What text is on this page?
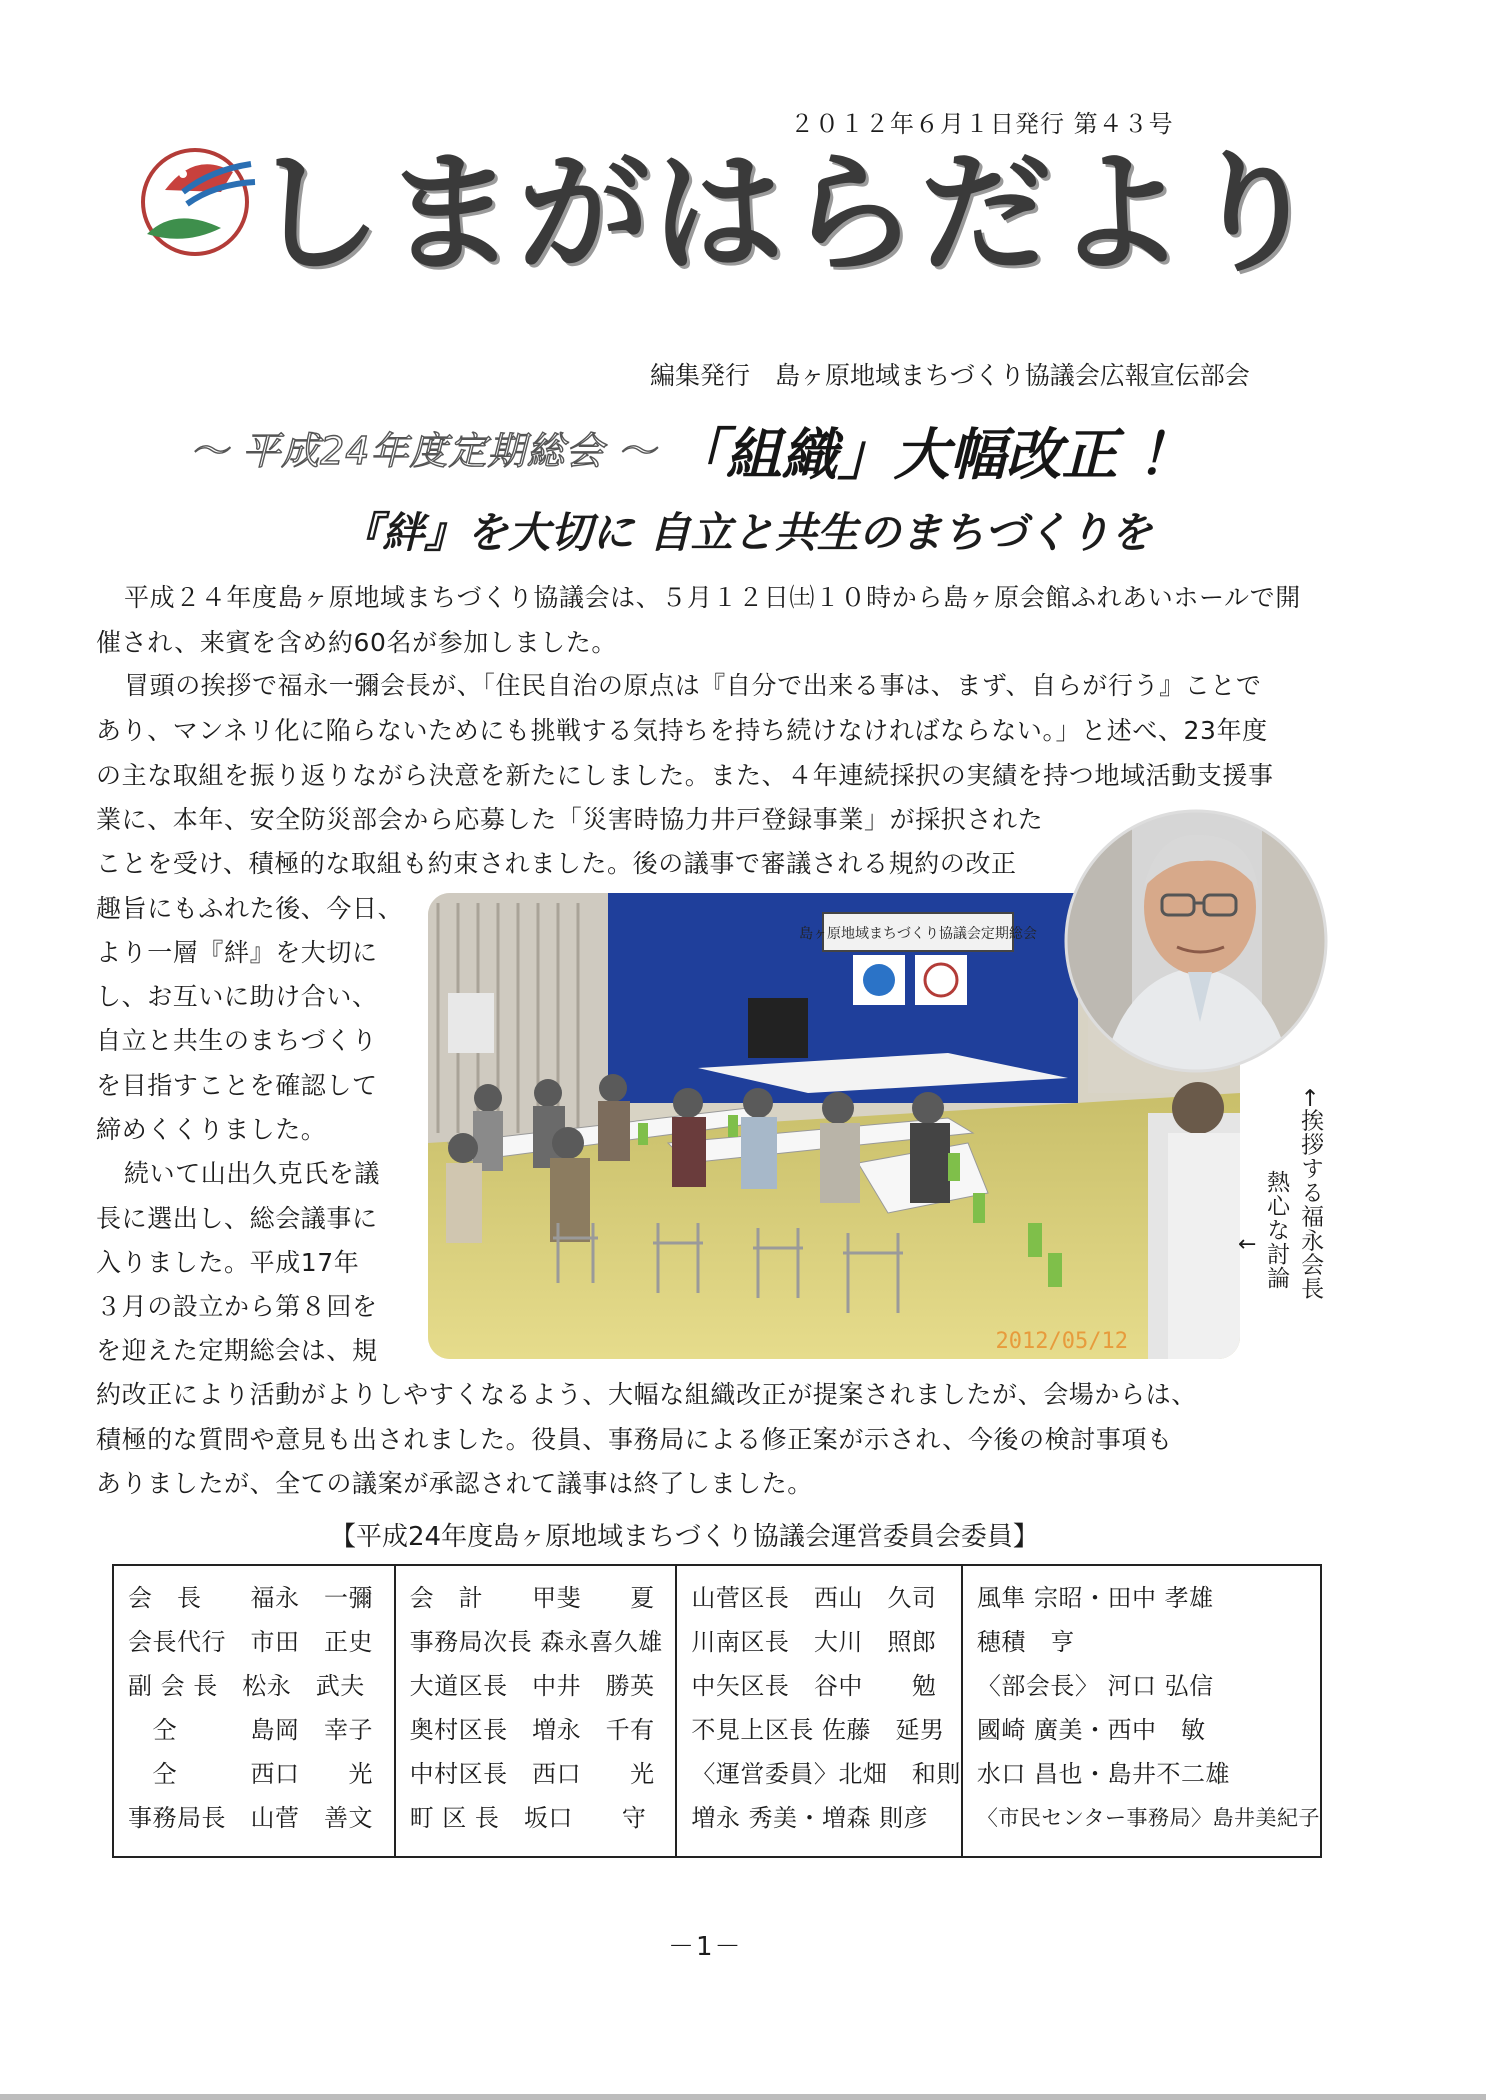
２０１２年６月１日発行 第４３号
しまがはらだより
編集発行　島ヶ原地域まちづくり協議会広報宣伝部会
～ 平成24年度定期総会 ～ 「組織」大幅改正 ！
『絆』を大切に 自立と共生のまちづくりを
平成２４年度島ヶ原地域まちづくり協議会は、５月１２日㈯１０時から島ヶ原会館ふれあいホールで開
催され、来賓を含め約60名が参加しました。
冒頭の挨拶で福永一彌会長が、「住民自治の原点は『自分で出来る事は、まず、自らが行う』ことで
あり、マンネリ化に陥らないためにも挑戦する気持ちを持ち続けなければならない。」と述べ、23年度
の主な取組を振り返りながら決意を新たにしました。また、４年連続採択の実績を持つ地域活動支援事
業に、本年、安全防災部会から応募した「災害時協力井戸登録事業」が採択された
ことを受け、積極的な取組も約束されました。後の議事で審議される規約の改正
趣旨にもふれた後、今日、
より一層『絆』を大切に
し、お互いに助け合い、
自立と共生のまちづくり
を目指すことを確認して
締めくくりました。
続いて山出久克氏を議
長に選出し、総会議事に
入りました。平成17年
３月の設立から第８回を
を迎えた定期総会は、規
約改正により活動がよりしやすくなるよう、大幅な組織改正が提案されましたが、会場からは、
積極的な質問や意見も出されました。役員、事務局による修正案が示され、今後の検討事項も
ありましたが、全ての議案が承認されて議事は終了しました。
島ヶ原地域まちづくり協議会定期総会
2012/05/12
←挨拶する福永会長
熱心な討論
←
【平成24年度島ヶ原地域まちづくり協議会運営委員会委員】
会　長　　福永　一彌
会長代行　市田　正史
副 会 長　松永　武夫
　仝　　　島岡　幸子
　仝　　　西口　　光
事務局長　山菅　善文
会　計　　甲斐　　夏
事務局次長 森永喜久雄
大道区長　中井　勝英
奥村区長　増永　千有
中村区長　西口　　光
町 区 長　坂口　　守
山菅区長　西山　久司
川南区長　大川　照郎
中矢区長　谷中　　勉
不見上区長 佐藤　延男
〈運営委員〉北畑　和則
増永 秀美・増森 則彦
風隼 宗昭・田中 孝雄
穂積　亨
〈部会長〉 河口 弘信
國崎 廣美・西中　敏
水口 昌也・島井不二雄
〈市民センター事務局〉島井美紀子
－1－
